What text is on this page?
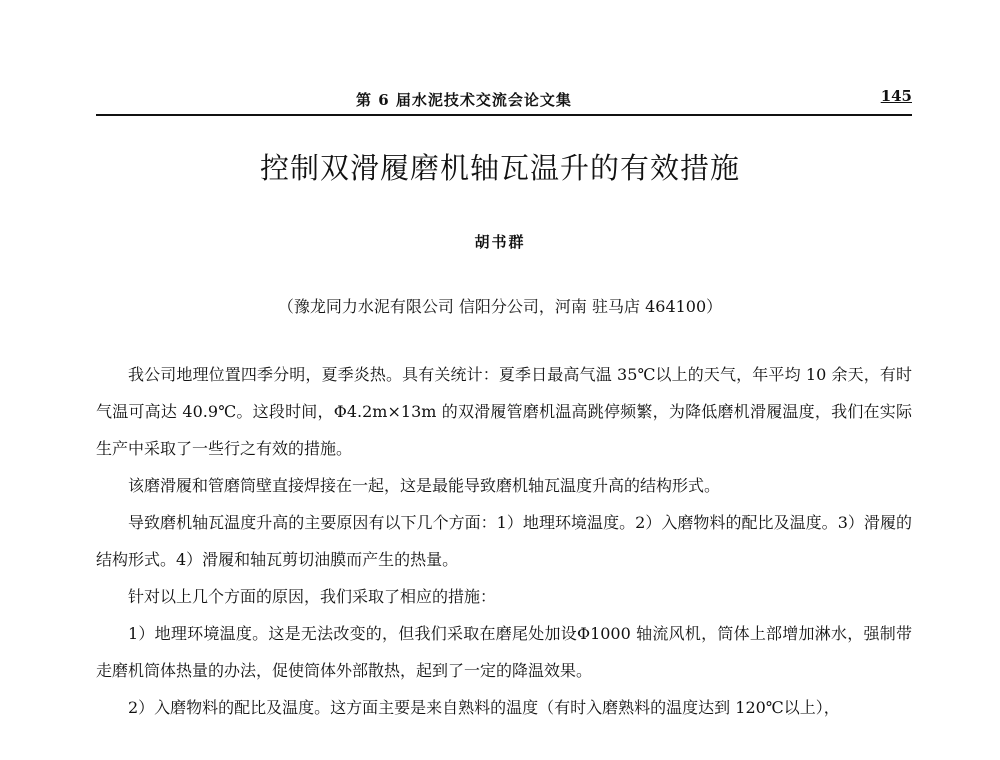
第 6 届水泥技术交流会论文集	145
控制双滑履磨机轴瓦温升的有效措施
胡书群
（豫龙同力水泥有限公司 信阳分公司，河南 驻马店 464100）

我公司地理位置四季分明，夏季炎热。具有关统计：夏季日最高气温 35℃以上的天气，年平均 10 余天，有时气温可高达 40.9℃。这段时间，Φ4.2m×13m 的双滑履管磨机温高跳停频繁，为降低磨机滑履温度，我们在实际生产中采取了一些行之有效的措施。

该磨滑履和管磨筒壁直接焊接在一起，这是最能导致磨机轴瓦温度升高的结构形式。

导致磨机轴瓦温度升高的主要原因有以下几个方面：1）地理环境温度。2）入磨物料的配比及温度。3）滑履的结构形式。4）滑履和轴瓦剪切油膜而产生的热量。

针对以上几个方面的原因，我们采取了相应的措施：

1）地理环境温度。这是无法改变的，但我们采取在磨尾处加设Φ1000 轴流风机，筒体上部增加淋水，强制带走磨机筒体热量的办法，促使筒体外部散热，起到了一定的降温效果。

2）入磨物料的配比及温度。这方面主要是来自熟料的温度（有时入磨熟料的温度达到 120℃以上），
